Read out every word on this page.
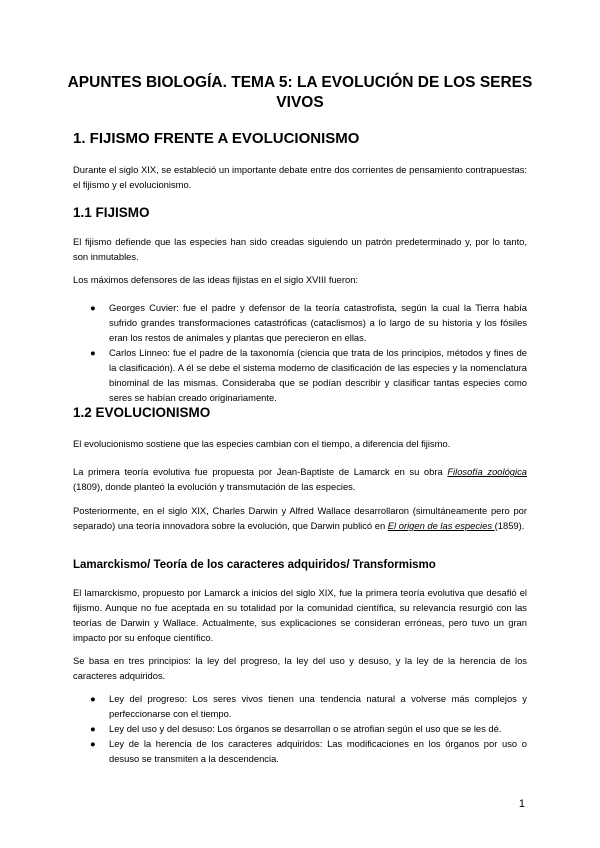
APUNTES BIOLOGÍA. TEMA 5: LA EVOLUCIÓN DE LOS SERES VIVOS
1. FIJISMO FRENTE A EVOLUCIONISMO

Durante el siglo XIX, se estableció un importante debate entre dos corrientes de pensamiento contrapuestas: el fijismo y el evolucionismo.

1.1 FIJISMO

El fijismo defiende que las especies han sido creadas siguiendo un patrón predeterminado y, por lo tanto, son inmutables.

Los máximos defensores de las ideas fijistas en el siglo XVIII fueron:

● Georges Cuvier: fue el padre y defensor de la teoría catastrofista, según la cual la Tierra había sufrido grandes transformaciones catastróficas (cataclismos) a lo largo de su historia y los fósiles eran los restos de animales y plantas que perecieron en ellas.
● Carlos Linneo: fue el padre de la taxonomía (ciencia que trata de los principios, métodos y fines de la clasificación). A él se debe el sistema moderno de clasificación de las especies y la nomenclatura binominal de las mismas. Consideraba que se podían describir y clasificar tantas especies como seres se habían creado originariamente.
1.2 EVOLUCIONISMO

El evolucionismo sostiene que las especies cambian con el tiempo, a diferencia del fijismo.

La primera teoría evolutiva fue propuesta por Jean-Baptiste de Lamarck en su obra Filosofía zoológica (1809), donde planteó la evolución y transmutación de las especies.

Posteriormente, en el siglo XIX, Charles Darwin y Alfred Wallace desarrollaron (simultáneamente pero por separado) una teoría innovadora sobre la evolución, que Darwin publicó en El origen de las especies (1859).

Lamarckismo/ Teoría de los caracteres adquiridos/ Transformismo

El lamarckismo, propuesto por Lamarck a inicios del siglo XIX, fue la primera teoría evolutiva que desafió el fijismo. Aunque no fue aceptada en su totalidad por la comunidad científica, su relevancia resurgió con las teorías de Darwin y Wallace. Actualmente, sus explicaciones se consideran erróneas, pero tuvo un gran impacto por su enfoque científico.

Se basa en tres principios: la ley del progreso, la ley del uso y desuso, y la ley de la herencia de los caracteres adquiridos.

● Ley del progreso: Los seres vivos tienen una tendencia natural a volverse más complejos y perfeccionarse con el tiempo.
● Ley del uso y del desuso: Los órganos se desarrollan o se atrofian según el uso que se les dé.
● Ley de la herencia de los caracteres adquiridos: Las modificaciones en los órganos por uso o desuso se transmiten a la descendencia.
1
